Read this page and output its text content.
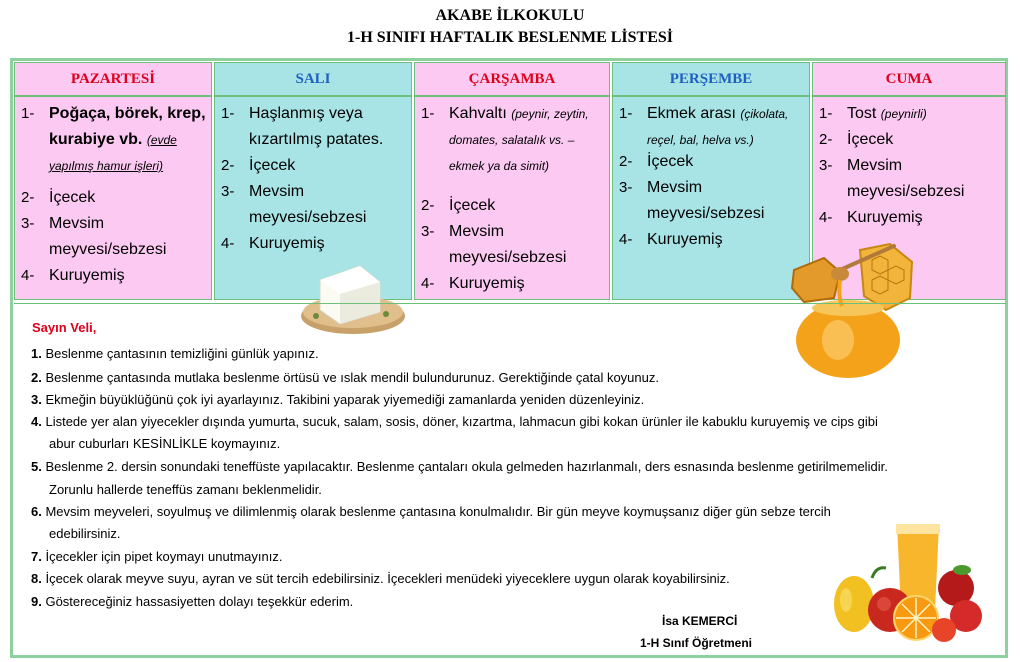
AKABE İLKOKULU
1-H SINIFI HAFTALIK BESLENME LİSTESİ
PAZARTESİ
1- Poğaça, börek, krep, kurabiye vb. (evde yapılmış hamur işleri)
2- İçecek
3- Mevsim meyvesi/sebzesi
4- Kuruyemiş
SALI
1- Haşlanmış veya kızartılmış patates.
2- İçecek
3- Mevsim meyvesi/sebzesi
4- Kuruyemiş
ÇARŞAMBA
1- Kahvaltı (peynir, zeytin, domates, salatalık vs. – ekmek ya da simit)
2- İçecek
3- Mevsim meyvesi/sebzesi
4- Kuruyemiş
PERŞEMBE
1- Ekmek arası (çikolata, reçel, bal, helva vs.)
2- İçecek
3- Mevsim meyvesi/sebzesi
4- Kuruyemiş
CUMA
1- Tost (peynirli)
2- İçecek
3- Mevsim meyvesi/sebzesi
4- Kuruyemiş
Sayın Veli,
1. Beslenme çantasının temizliğini günlük yapınız.
2. Beslenme çantasında mutlaka beslenme örtüsü ve ıslak mendil bulundurunuz. Gerektiğinde çatal koyunuz.
3. Ekmeğin büyüklüğünü çok iyi ayarlayınız. Takibini yaparak yiyemediği zamanlarda yeniden düzenleyiniz.
4. Listede yer alan yiyecekler dışında yumurta, sucuk, salam, sosis, döner, kızartma, lahmacun gibi kokan ürünler ile kabuklu kuruyemiş ve cips gibi
abur cuburları KESİNLİKLE koymayınız.
5. Beslenme 2. dersin sonundaki teneffüste yapılacaktır. Beslenme çantaları okula gelmeden hazırlanmalı, ders esnasında beslenme getirilmemelidir.
Zorunlu hallerde teneffüs zamanı beklenmelidir.
6. Mevsim meyveleri, soyulmuş ve dilimlenmiş olarak beslenme çantasına konulmalıdır. Bir gün meyve koymuşsanız diğer gün sebze tercih
edebilirsiniz.
7. İçecekler için pipet koymayı unutmayınız.
8. İçecek olarak meyve suyu, ayran ve süt tercih edebilirsiniz. İçecekleri menüdeki yiyeceklere uygun olarak koyabilirsiniz.
9. Göstereceğiniz hassasiyetten dolayı teşekkür ederim.
İsa KEMERCİ
1-H Sınıf Öğretmeni
